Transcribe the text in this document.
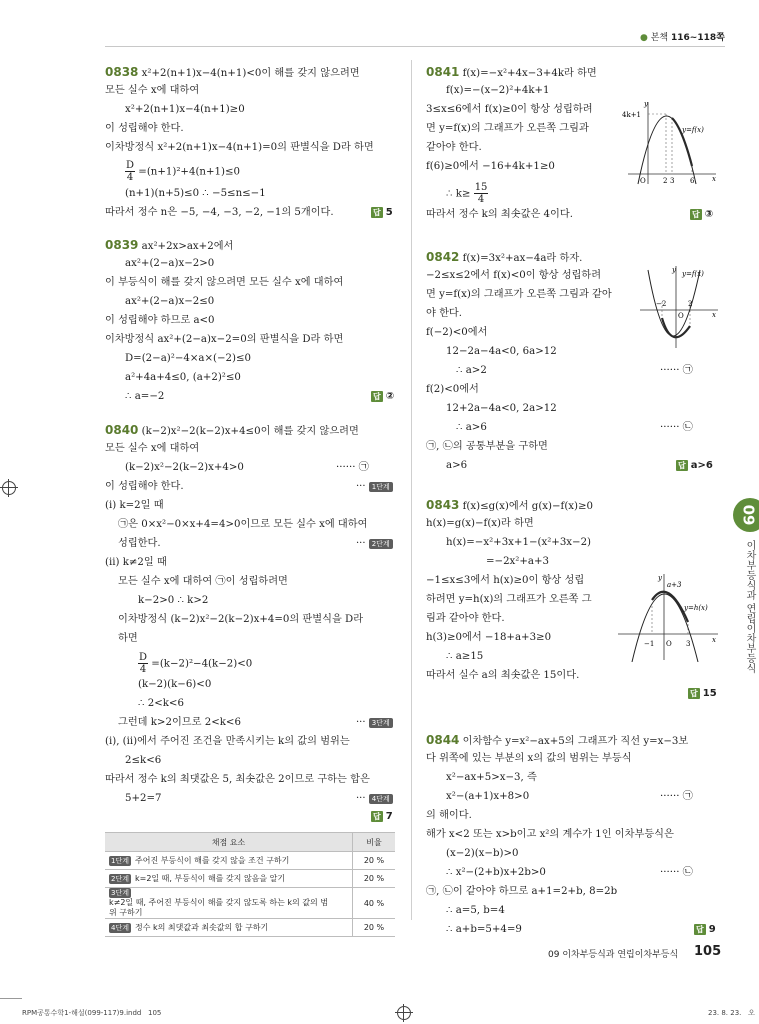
● 본책 116~118쪽
0838 x²+2(n+1)x−4(n+1)<0이 해를 갖지 않으려면
모든 실수 x에 대하여
x²+2(n+1)x−4(n+1)≥0
이 성립해야 한다.
이차방정식 x²+2(n+1)x−4(n+1)=0의 판별식을 D라 하면
$\frac{D}{4} =(n+1)^2+4(n+1)\le 0$
(n+1)(n+5)≤0 ∴ −5≤n≤−1
따라서 정수 n은 −5, −4, −3, −2, −1의 5개이다.	답 5
0839 ax²+2x>ax+2에서
ax²+(2−a)x−2>0
이 부등식이 해를 갖지 않으려면 모든 실수 x에 대하여
ax²+(2−a)x−2≤0
이 성립해야 하므로 a<0
이차방정식 ax²+(2−a)x−2=0의 판별식을 D라 하면
D=(2−a)²−4×a×(−2)≤0
a²+4a+4≤0, (a+2)²≤0
∴ a=−2	답 ②
0840 (k−2)x²−2(k−2)x+4≤0이 해를 갖지 않으려면
모든 실수 x에 대하여
(k−2)x²−2(k−2)x+4>0	······ ㉠
이 성립해야 한다.	··· 1단계
(ⅰ) k=2일 때
㉠은 0×x²−0×x+4=4>0이므로 모든 실수 x에 대하여
성립한다.	··· 2단계
(ⅱ) k≠2일 때
모든 실수 x에 대하여 ㉠이 성립하려면
k−2>0 ∴ k>2
이차방정식 (k−2)x²−2(k−2)x+4=0의 판별식을 D라
하면
$\frac{D}{4} =(k-2)^2-4(k-2)<0$
(k−2)(k−6)<0
∴ 2<k<6
그런데 k>2이므로 2<k<6	··· 3단계
(ⅰ), (ⅱ)에서 주어진 조건을 만족시키는 k의 값의 범위는
2≤k<6
따라서 정수 k의 최댓값은 5, 최솟값은 2이므로 구하는 합은
5+2=7	··· 4단계
답 7
채점 요소	비율
1단계 주어진 부등식이 해를 갖지 않을 조건 구하기	20 %
2단계 k=2일 때, 부등식이 해를 갖지 않음을 알기	20 %
3단계k≠2일 때, 주어진 부등식이 해를 갖지 않도록 하는 k의 값의 범위 구하기	40 %
4단계 정수 k의 최댓값과 최솟값의 합 구하기	20 %
0841 f(x)=−x²+4x−3+4k라 하면
f(x)=−(x−2)²+4k+1
3≤x≤6에서 f(x)≥0이 항상 성립하려
면 y=f(x)의 그래프가 오른쪽 그림과
같아야 한다.
f(6)≥0에서 −16+4k+1≥0
∴ $k\ge \frac{15}{4}$
따라서 정수 k의 최솟값은 4이다.	답 ③
y
x
O
4k+1
y=f(x)
2 3 6
0842 f(x)=3x²+ax−4a라 하자.
−2≤x≤2에서 f(x)<0이 항상 성립하려
면 y=f(x)의 그래프가 오른쪽 그림과 같아
야 한다.
f(−2)<0에서
12−2a−4a<0, 6a>12
∴ a>2	······ ㉠
f(2)<0에서
12+2a−4a<0, 2a>12
∴ a>6	······ ㉡
㉠, ㉡의 공통부분을 구하면
a>6	답 a>6
y
x
O
y=f(x)
−2	2
0843 f(x)≤g(x)에서 g(x)−f(x)≥0
h(x)=g(x)−f(x)라 하면
h(x)=−x²+3x+1−(x²+3x−2)
=−2x²+a+3
−1≤x≤3에서 h(x)≥0이 항상 성립
하려면 y=h(x)의 그래프가 오른쪽 그
림과 같아야 한다.
h(3)≥0에서 −18+a+3≥0
∴ a≥15
따라서 실수 a의 최솟값은 15이다.
답 15
y
x
O
a+3
y=h(x)
−1	3
0844 이차함수 y=x²−ax+5의 그래프가 직선 y=x−3보
다 위쪽에 있는 부분의 x의 값의 범위는 부등식
x²−ax+5>x−3, 즉
x²−(a+1)x+8>0	······ ㉠
의 해이다.
해가 x<2 또는 x>b이고 x²의 계수가 1인 이차부등식은
(x−2)(x−b)>0
∴ x²−(2+b)x+2b>0	······ ㉡
㉠, ㉡이 같아야 하므로 a+1=2+b, 8=2b
∴ a=5, b=4
∴ a+b=5+4=9	답 9
09
이차부등식과 연립이차부등식
09 이차부등식과 연립이차부등식 105
RPM공통수학1-해설(099-117)9.indd   105	23. 8. 23.   오
